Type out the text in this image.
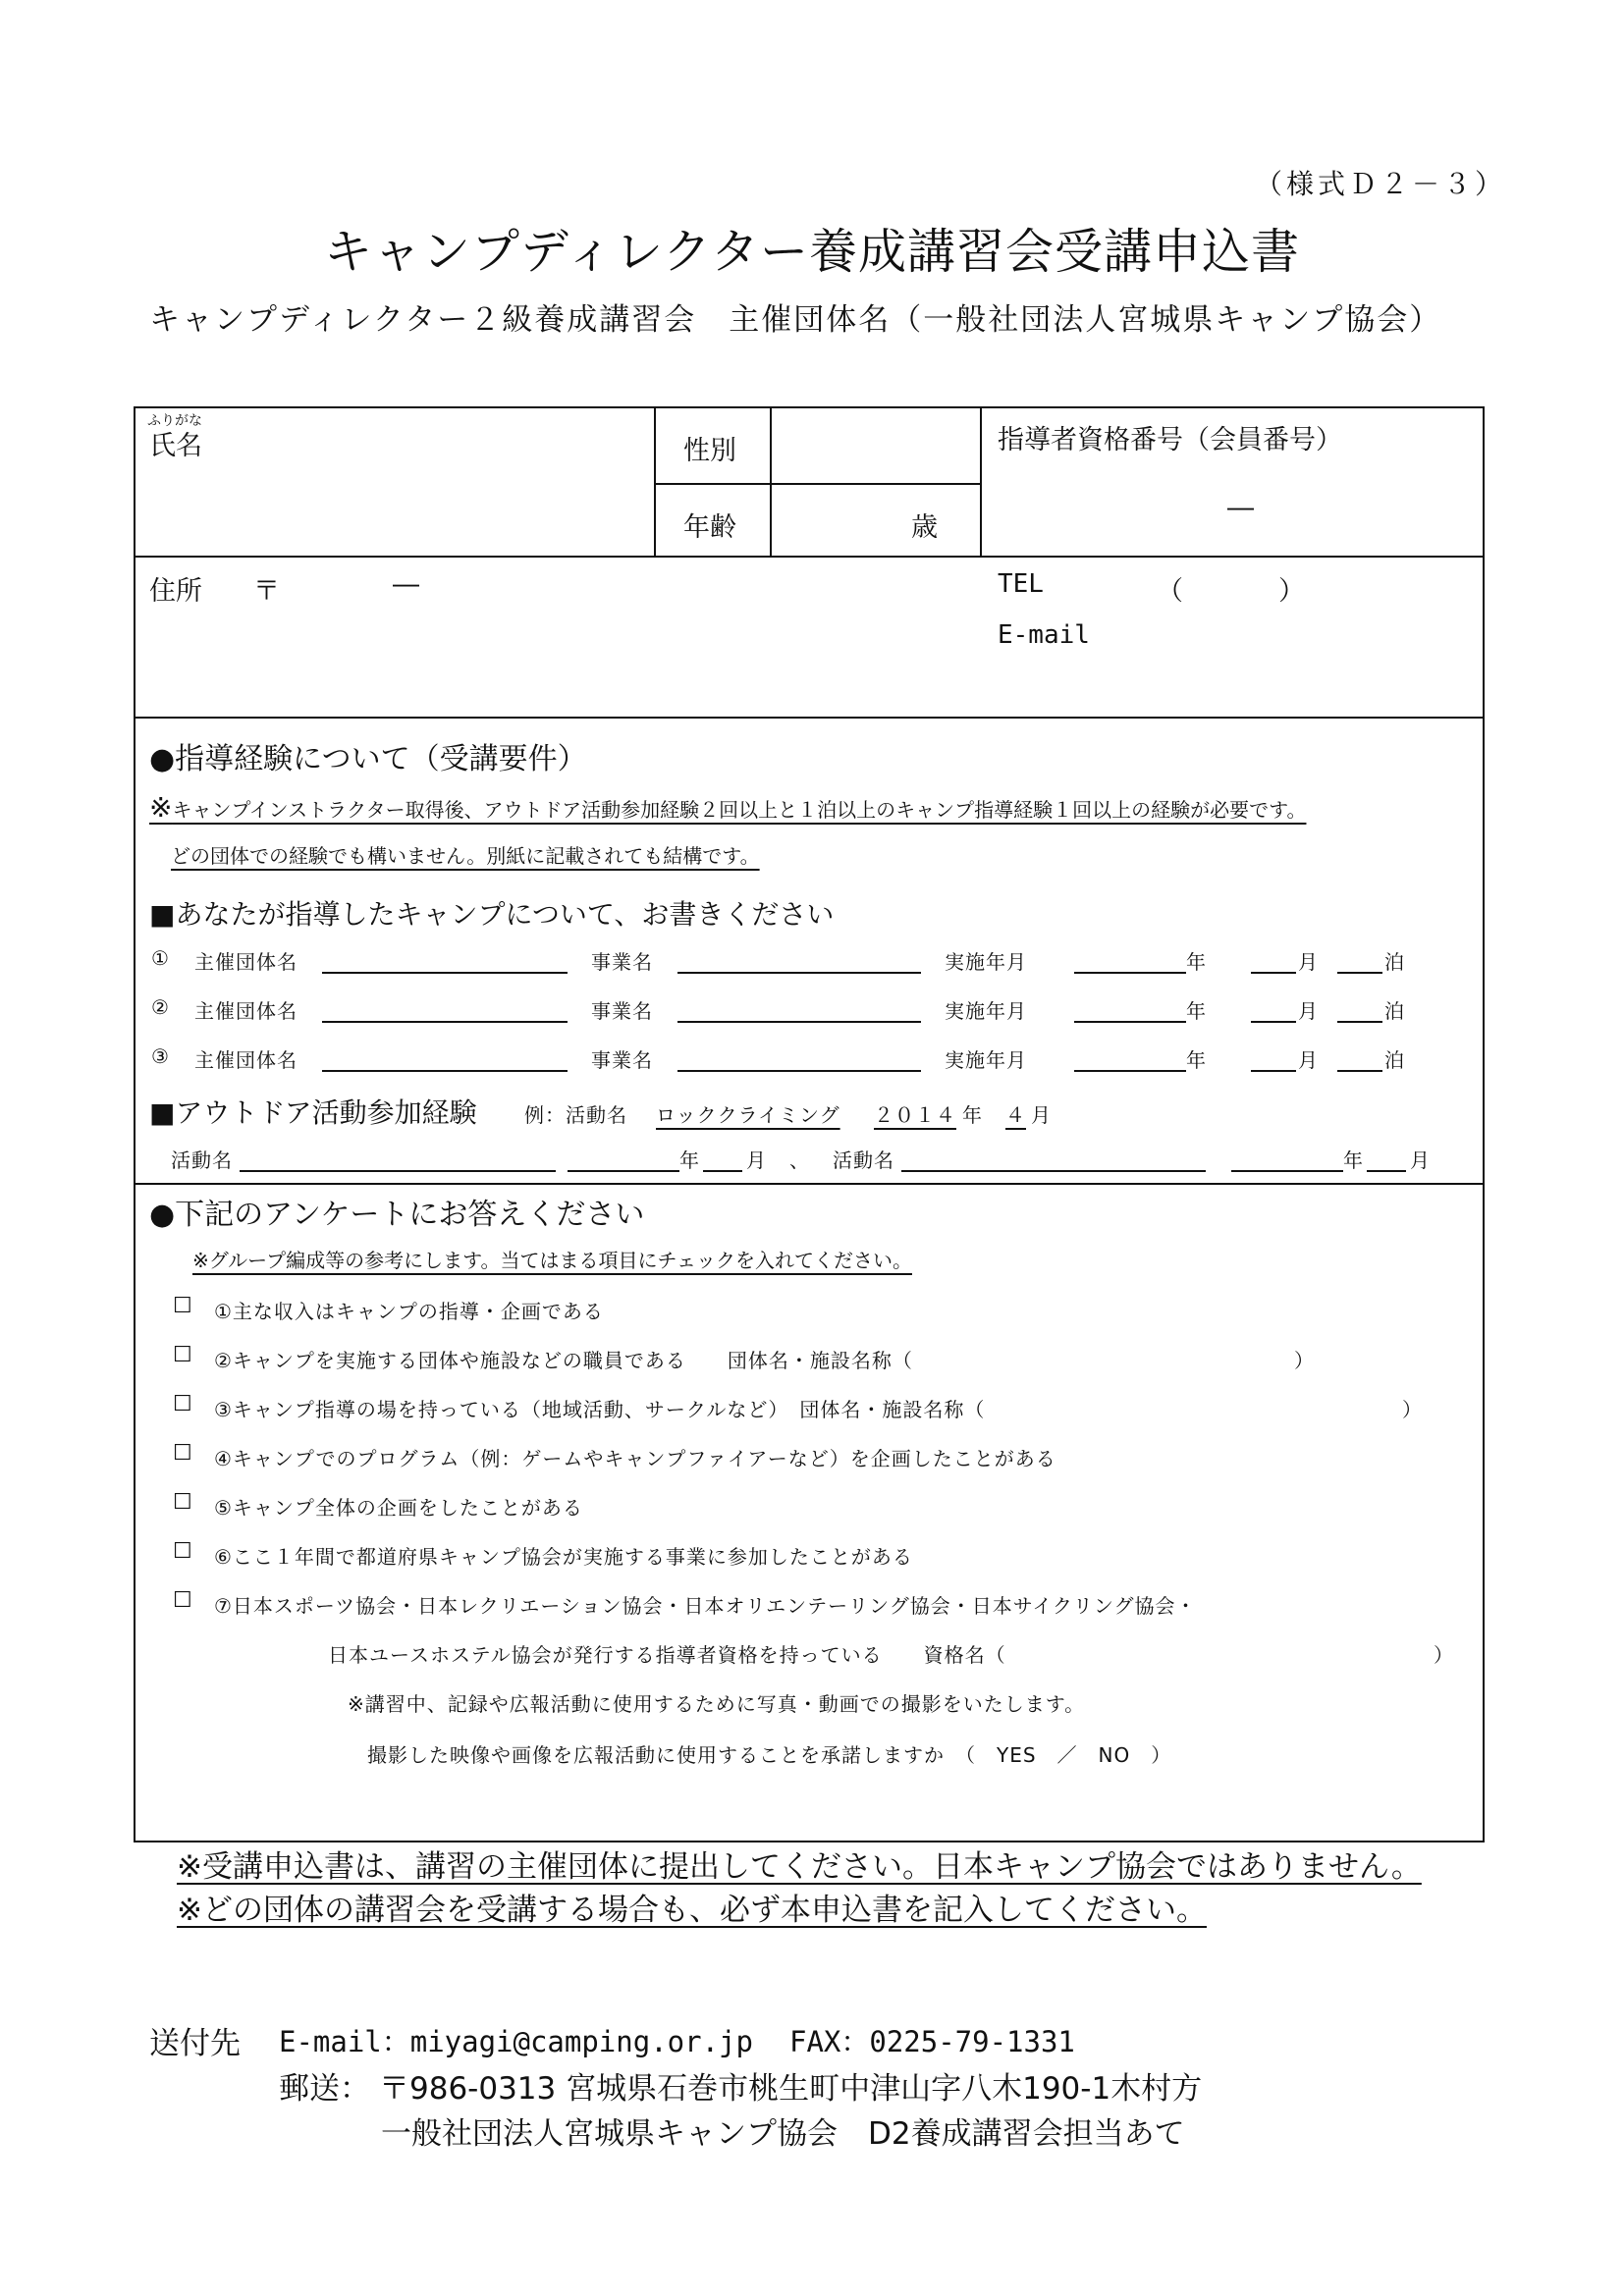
（様式Ｄ２－３）
キャンプディレクター養成講習会受講申込書
キャンプディレクター２級養成講習会　主催団体名（一般社団法人宮城県キャンプ協会）
ふりがな
氏名	性別
年齢	歳
指導者資格番号（会員番号）
―
住所 〒	―	TEL	（	）
E-mail
●指導経験について（受講要件）
※キャンプインストラクター取得後、アウトドア活動参加経験２回以上と１泊以上のキャンプ指導経験１回以上の経験が必要です。
どの団体での経験でも構いません。別紙に記載されても結構です。
■あなたが指導したキャンプについて、お書きください
① 主催団体名	事業名	実施年月	年	月	泊
② 主催団体名	事業名	実施年月	年	月	泊
③ 主催団体名	事業名	実施年月	年	月	泊
■アウトドア活動参加経験 例：活動名 ロッククライミング ２０１４ 年 ４ 月
活動名	年 月 、 活動名	年 月
●下記のアンケートにお答えください
※グループ編成等の参考にします。当てはまる項目にチェックを入れてください。
☐ ①主な収入はキャンプの指導・企画である
☐ ②キャンプを実施する団体や施設などの職員である　　団体名・施設名称（	）
☐ ③キャンプ指導の場を持っている（地域活動、サークルなど）　団体名・施設名称（	）
☐ ④キャンプでのプログラム（例：ゲームやキャンプファイアーなど）を企画したことがある
☐ ⑤キャンプ全体の企画をしたことがある
☐ ⑥ここ１年間で都道府県キャンプ協会が実施する事業に参加したことがある
☐ ⑦日本スポーツ協会・日本レクリエーション協会・日本オリエンテーリング協会・日本サイクリング協会・
日本ユースホステル協会が発行する指導者資格を持っている　　資格名（	）
※講習中、記録や広報活動に使用するために写真・動画での撮影をいたします。
撮影した映像や画像を広報活動に使用することを承諾しますか　（　YES　／　NO　）
※受講申込書は、講習の主催団体に提出してください。日本キャンプ協会ではありません。
※どの団体の講習会を受講する場合も、必ず本申込書を記入してください。
送付先 E-mail：miyagi@camping.or.jp FAX：0225-79-1331
郵送： 〒986-0313 宮城県石巻市桃生町中津山字八木190-1木村方
一般社団法人宮城県キャンプ協会　D2養成講習会担当あて
